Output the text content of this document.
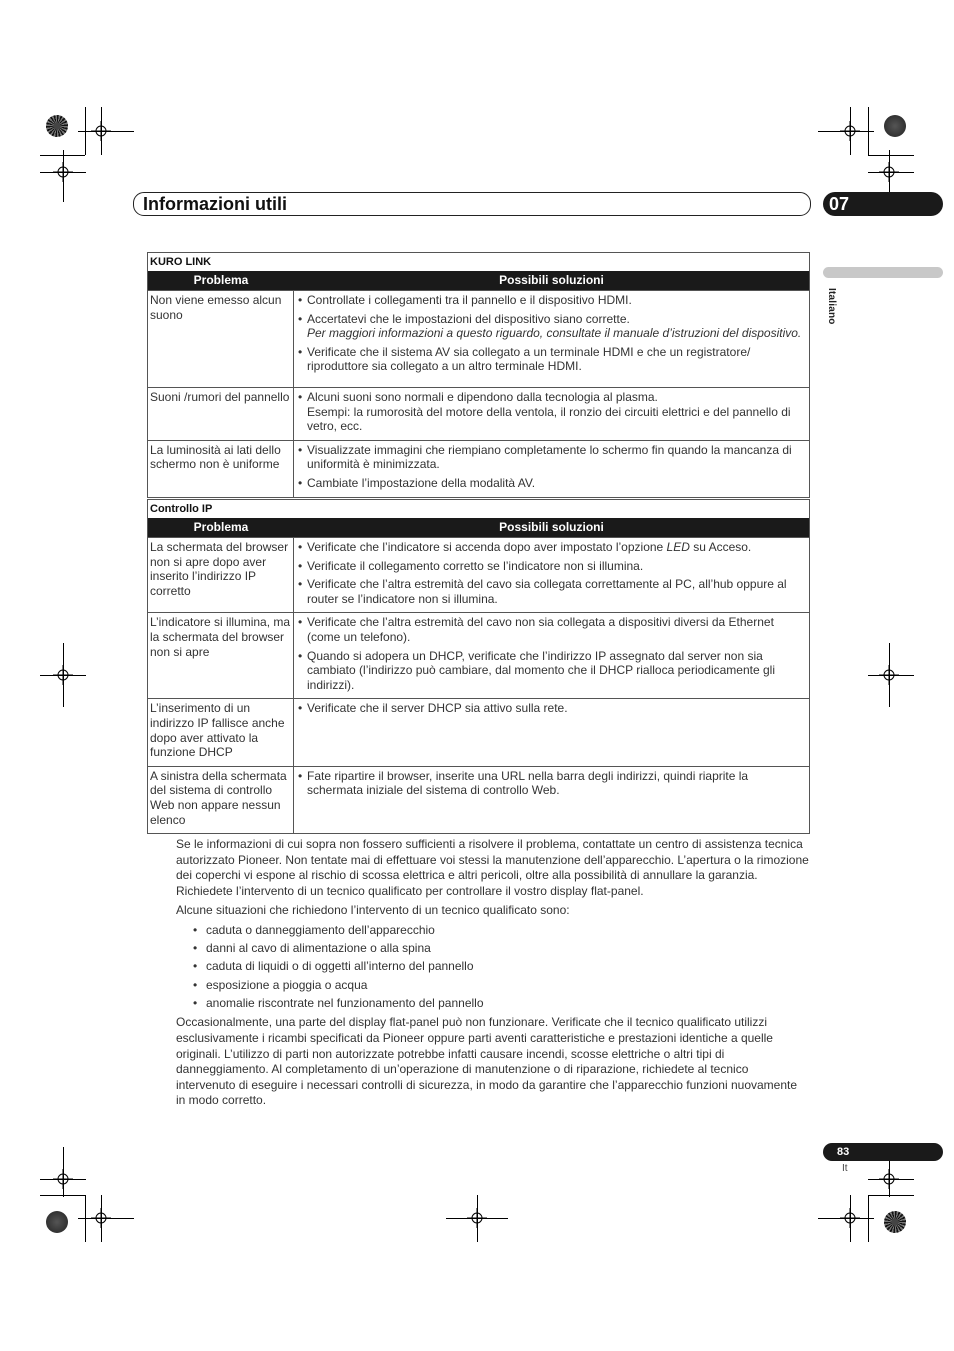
Informazioni utili	07
Italiano
KURO LINK
Problema	Possibili soluzioni
Non viene emesso alcun suono
• Controllate i collegamenti tra il pannello e il dispositivo HDMI.
• Accertatevi che le impostazioni del dispositivo siano corrette.
Per maggiori informazioni a questo riguardo, consultate il manuale d’istruzioni del dispositivo.
• Verificate che il sistema AV sia collegato a un terminale HDMI e che un registratore/ riproduttore sia collegato a un altro terminale HDMI.
Suoni /rumori del pannello
•	Alcuni suoni sono normali e dipendono dalla tecnologia al plasma.
Esempi: la rumorosità del motore della ventola, il ronzio dei circuiti elettrici e del pannello di vetro, ecc.
La luminosità ai lati dello schermo non è uniforme
• Visualizzate immagini che riempiano completamente lo schermo fin quando la mancanza di uniformità è minimizzata.
• Cambiate l’impostazione della modalità AV.
Controllo IP
Problema	Possibili soluzioni
La schermata del browser non si apre dopo aver inserito l’indirizzo IP corretto
• Verificate che l’indicatore si accenda dopo aver impostato l’opzione LED su Acceso.
• Verificate il collegamento corretto se l’indicatore non si illumina.
• Verificate che l’altra estremità del cavo sia collegata correttamente al PC, all’hub oppure al router se l’indicatore non si illumina.
L’indicatore si illumina, ma la schermata del browser non si apre
• Verificate che l’altra estremità del cavo non sia collegata a dispositivi diversi da Ethernet (come un telefono).
• Quando si adopera un DHCP, verificate che l’indirizzo IP assegnato dal server non sia cambiato (l’indirizzo può cambiare, dal momento che il DHCP rialloca periodicamente gli indirizzi).
L’inserimento di un indirizzo IP fallisce anche dopo aver attivato la funzione DHCP
• Verificate che il server DHCP sia attivo sulla rete.
A sinistra della schermata del sistema di controllo Web non appare nessun elenco
• Fate ripartire il browser, inserite una URL nella barra degli indirizzi, quindi riaprite la schermata iniziale del sistema di controllo Web.

Se le informazioni di cui sopra non fossero sufficienti a risolvere il problema, contattate un centro di assistenza tecnica autorizzato Pioneer. Non tentate mai di effettuare voi stessi la manutenzione dell’apparecchio. L’apertura o la rimozione dei coperchi vi espone al rischio di scossa elettrica e altri pericoli, oltre alla possibilità di annullare la garanzia. Richiedete l’intervento di un tecnico qualificato per controllare il vostro display flat-panel.

Alcune situazioni che richiedono l’intervento di un tecnico qualificato sono:

• caduta o danneggiamento dell’apparecchio
• danni al cavo di alimentazione o alla spina
• caduta di liquidi o di oggetti all’interno del pannello
• esposizione a pioggia o acqua
• anomalie riscontrate nel funzionamento del pannello

Occasionalmente, una parte del display flat-panel può non funzionare. Verificate che il tecnico qualificato utilizzi esclusivamente i ricambi specificati da Pioneer oppure parti aventi caratteristiche e prestazioni identiche a quelle originali. L’utilizzo di parti non autorizzate potrebbe infatti causare incendi, scosse elettriche o altri tipi di danneggiamento. Al completamento di un’operazione di manutenzione o di riparazione, richiedete al tecnico intervenuto di eseguire i necessari controlli di sicurezza, in modo da garantire che l’apparecchio funzioni nuovamente in modo corretto.

83
It
